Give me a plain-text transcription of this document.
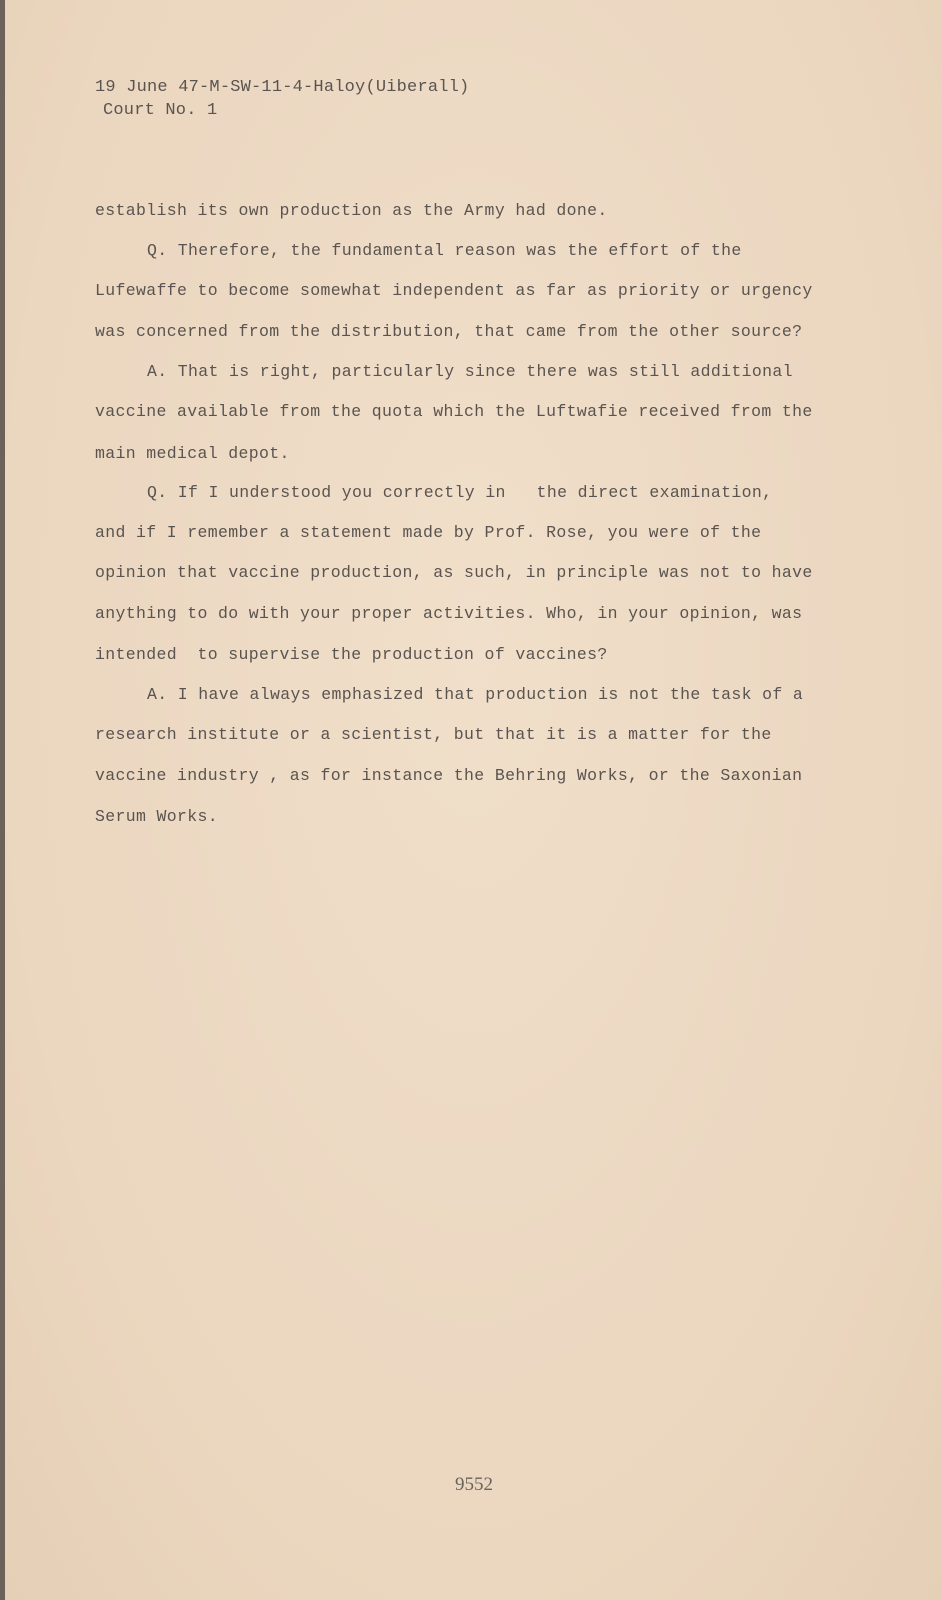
19 June 47-M-SW-11-4-Haloy(Uiberall)
Court No. 1
establish its own production as the Army had done.
Q. Therefore, the fundamental reason was the effort of the
Lufewaffe to become somewhat independent as far as priority or urgency
was concerned from the distribution, that came from the other source?
A. That is right, particularly since there was still additional
vaccine available from the quota which the Luftwafie received from the
main medical depot.
Q. If I understood you correctly in   the direct examination,
and if I remember a statement made by Prof. Rose, you were of the
opinion that vaccine production, as such, in principle was not to have
anything to do with your proper activities. Who, in your opinion, was
intended  to supervise the production of vaccines?
A. I have always emphasized that production is not the task of a
research institute or a scientist, but that it is a matter for the
vaccine industry , as for instance the Behring Works, or the Saxonian
Serum Works.
9552
